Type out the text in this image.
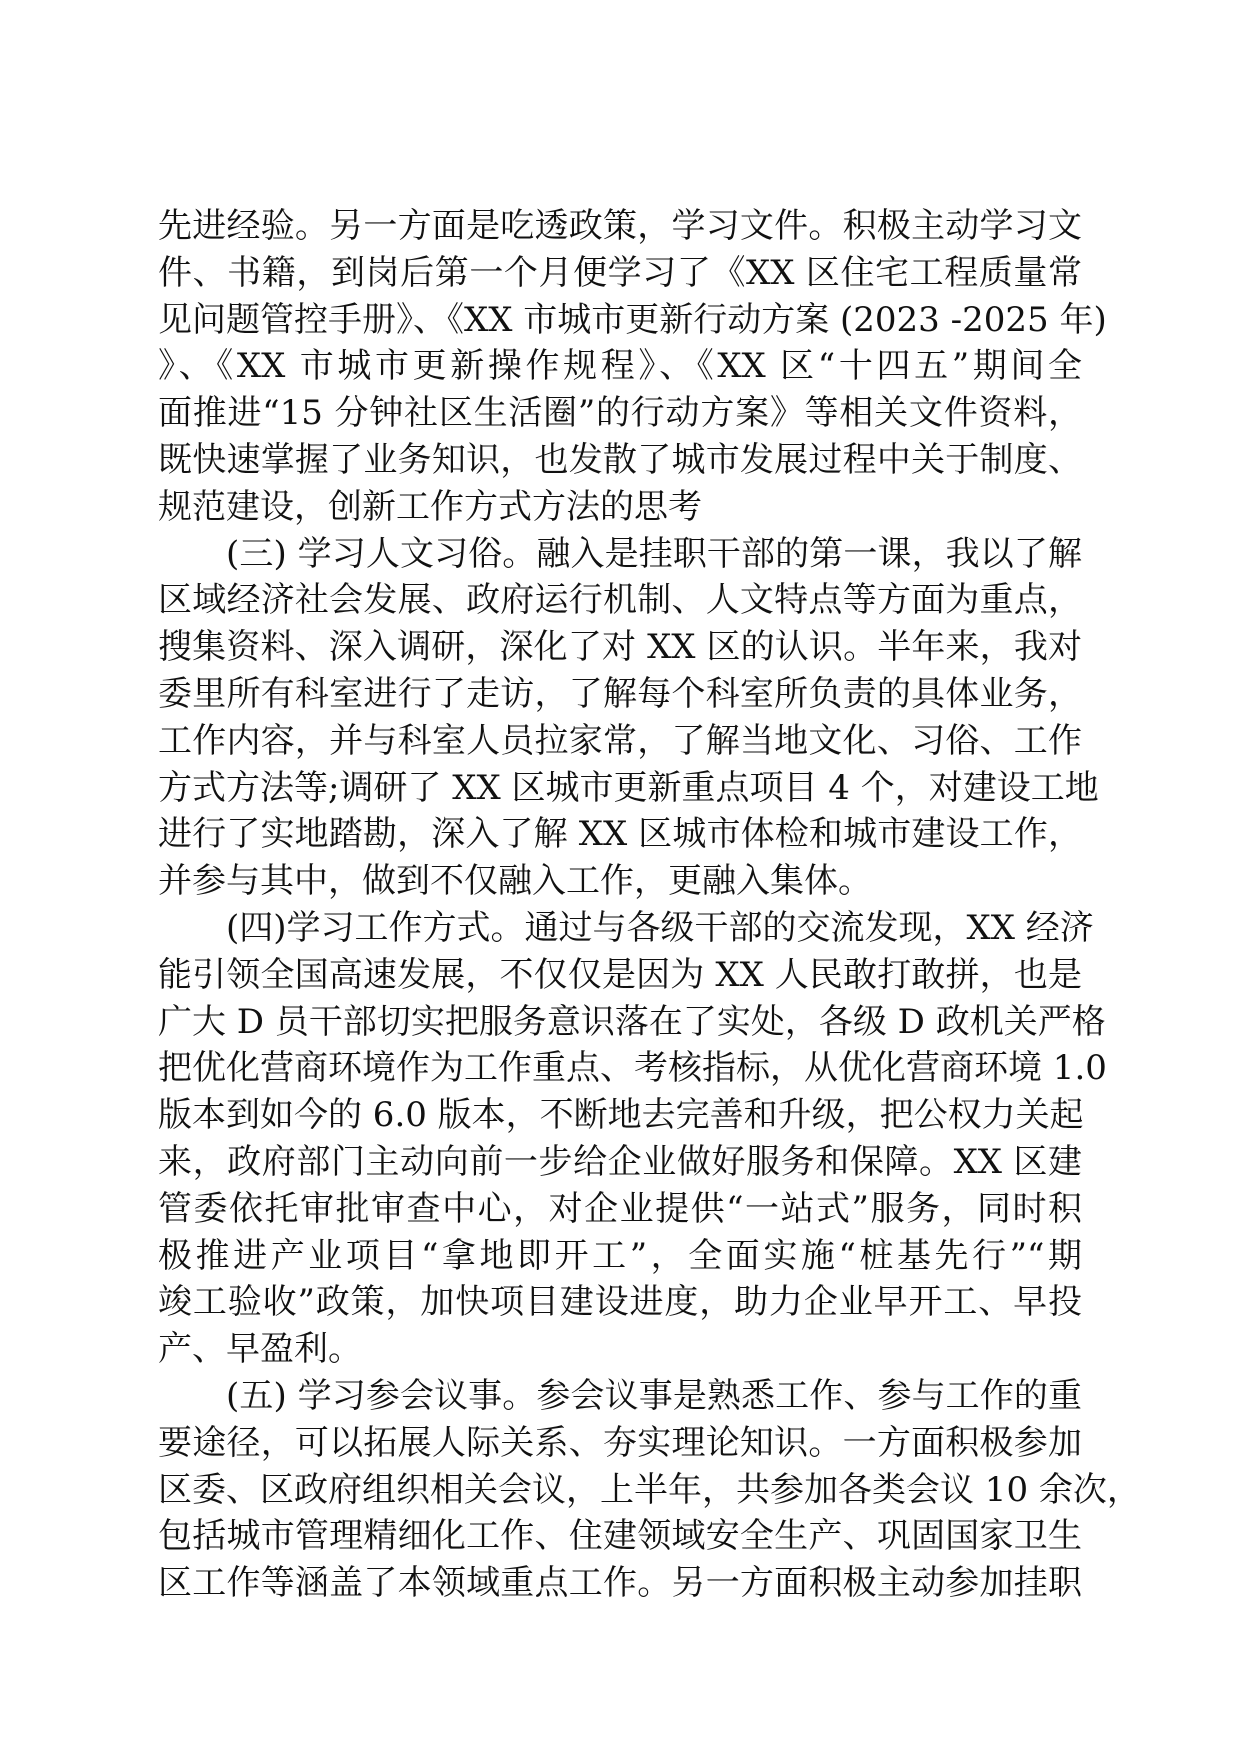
先进经验。另一方面是吃透政策，学习文件。积极主动学习文
件、书籍，到岗后第一个月便学习了《XX 区住宅工程质量常
见问题管控手册》、《XX 市城市更新行动方案 (2023 -2025 年)
》、《XX 市城市更新操作规程》、《XX 区“十四五”期间全
面推进“15 分钟社区生活圈”的行动方案》等相关文件资料，
既快速掌握了业务知识，也发散了城市发展过程中关于制度、
规范建设，创新工作方式方法的思考
(三) 学习人文习俗。融入是挂职干部的第一课，我以了解
区域经济社会发展、政府运行机制、人文特点等方面为重点，
搜集资料、深入调研，深化了对 XX 区的认识。半年来，我对
委里所有科室进行了走访，了解每个科室所负责的具体业务，
工作内容，并与科室人员拉家常，了解当地文化、习俗、工作
方式方法等;调研了 XX 区城市更新重点项目 4 个，对建设工地
进行了实地踏勘，深入了解 XX 区城市体检和城市建设工作，
并参与其中，做到不仅融入工作，更融入集体。
(四)学习工作方式。通过与各级干部的交流发现，XX 经济
能引领全国高速发展，不仅仅是因为 XX 人民敢打敢拼，也是
广大 D 员干部切实把服务意识落在了实处，各级 D 政机关严格
把优化营商环境作为工作重点、考核指标，从优化营商环境 1.0
版本到如今的 6.0 版本，不断地去完善和升级，把公权力关起
来，政府部门主动向前一步给企业做好服务和保障。XX 区建
管委依托审批审查中心，对企业提供“一站式”服务，同时积
极推进产业项目“拿地即开工”，全面实施“桩基先行”“期
竣工验收”政策，加快项目建设进度，助力企业早开工、早投
产、早盈利。
(五) 学习参会议事。参会议事是熟悉工作、参与工作的重
要途径，可以拓展人际关系、夯实理论知识。一方面积极参加
区委、区政府组织相关会议，上半年，共参加各类会议 10 余次，
包括城市管理精细化工作、住建领域安全生产、巩固国家卫生
区工作等涵盖了本领域重点工作。另一方面积极主动参加挂职
